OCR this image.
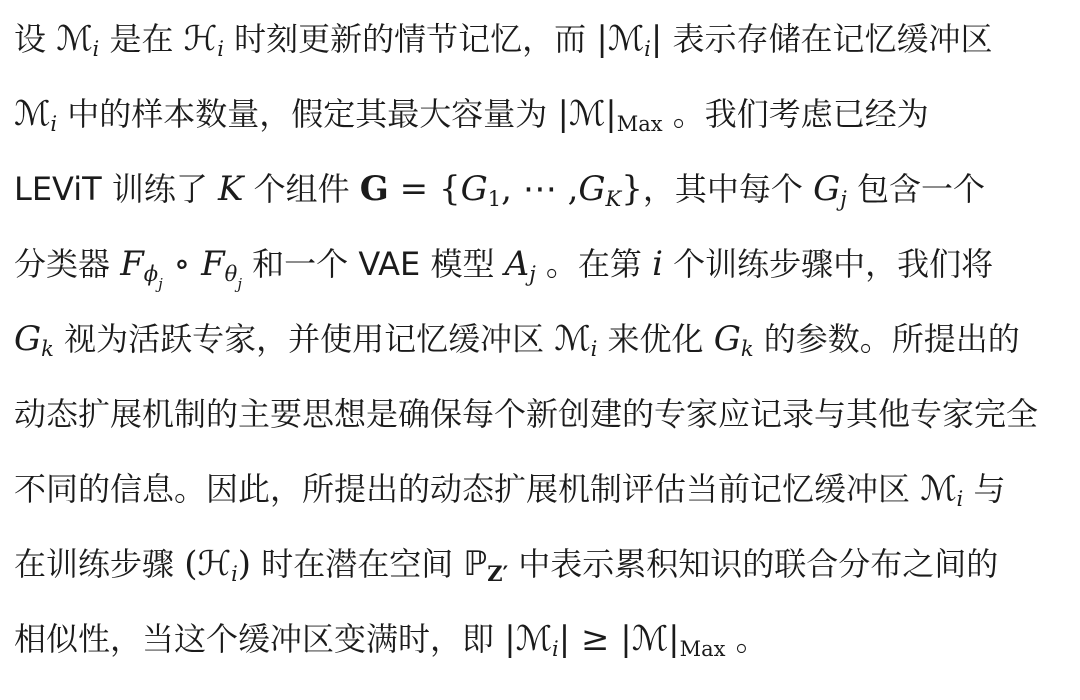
设 ℳi 是在 ℋi 时刻更新的情节记忆，而 |ℳi| 表示存储在记忆缓冲区
ℳi 中的样本数量，假定其最大容量为 |ℳ|Max 。我们考虑已经为
LEViT 训练了 K 个组件 G = {G1, ⋯ ,GK}，其中每个 Gj 包含一个
分类器 Fϕj ∘ Fθj 和一个 VAE 模型 Aj 。在第 i 个训练步骤中，我们将
Gk 视为活跃专家，并使用记忆缓冲区 ℳi 来优化 Gk 的参数。所提出的
动态扩展机制的主要思想是确保每个新创建的专家应记录与其他专家完全
不同的信息。因此，所提出的动态扩展机制评估当前记忆缓冲区 ℳi 与
在训练步骤 (ℋi) 时在潜在空间 ℙZ′ 中表示累积知识的联合分布之间的
相似性，当这个缓冲区变满时，即 |ℳi| ≥ |ℳ|Max 。
